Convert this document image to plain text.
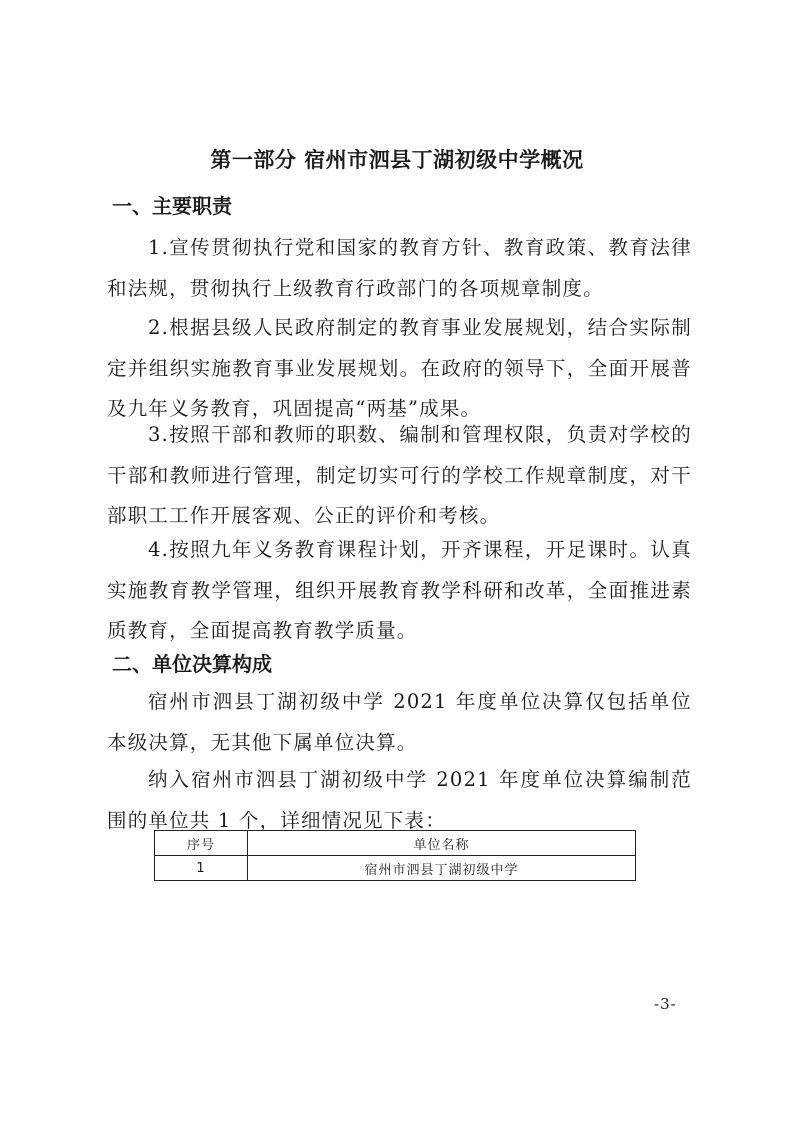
第一部分 宿州市泗县丁湖初级中学概况
一、主要职责

1.宣传贯彻执行党和国家的教育方针、教育政策、教育法律和法规，贯彻执行上级教育行政部门的各项规章制度。

2.根据县级人民政府制定的教育事业发展规划，结合实际制定并组织实施教育事业发展规划。在政府的领导下，全面开展普及九年义务教育，巩固提高“两基”成果。

3.按照干部和教师的职数、编制和管理权限，负责对学校的干部和教师进行管理，制定切实可行的学校工作规章制度，对干部职工工作开展客观、公正的评价和考核。

4.按照九年义务教育课程计划，开齐课程，开足课时。认真实施教育教学管理，组织开展教育教学科研和改革，全面推进素质教育，全面提高教育教学质量。

二、单位决算构成

宿州市泗县丁湖初级中学 2021 年度单位决算仅包括单位本级决算，无其他下属单位决算。

纳入宿州市泗县丁湖初级中学 2021 年度单位决算编制范围的单位共 1 个，详细情况见下表：

序号	单位名称
1	宿州市泗县丁湖初级中学
-3-
